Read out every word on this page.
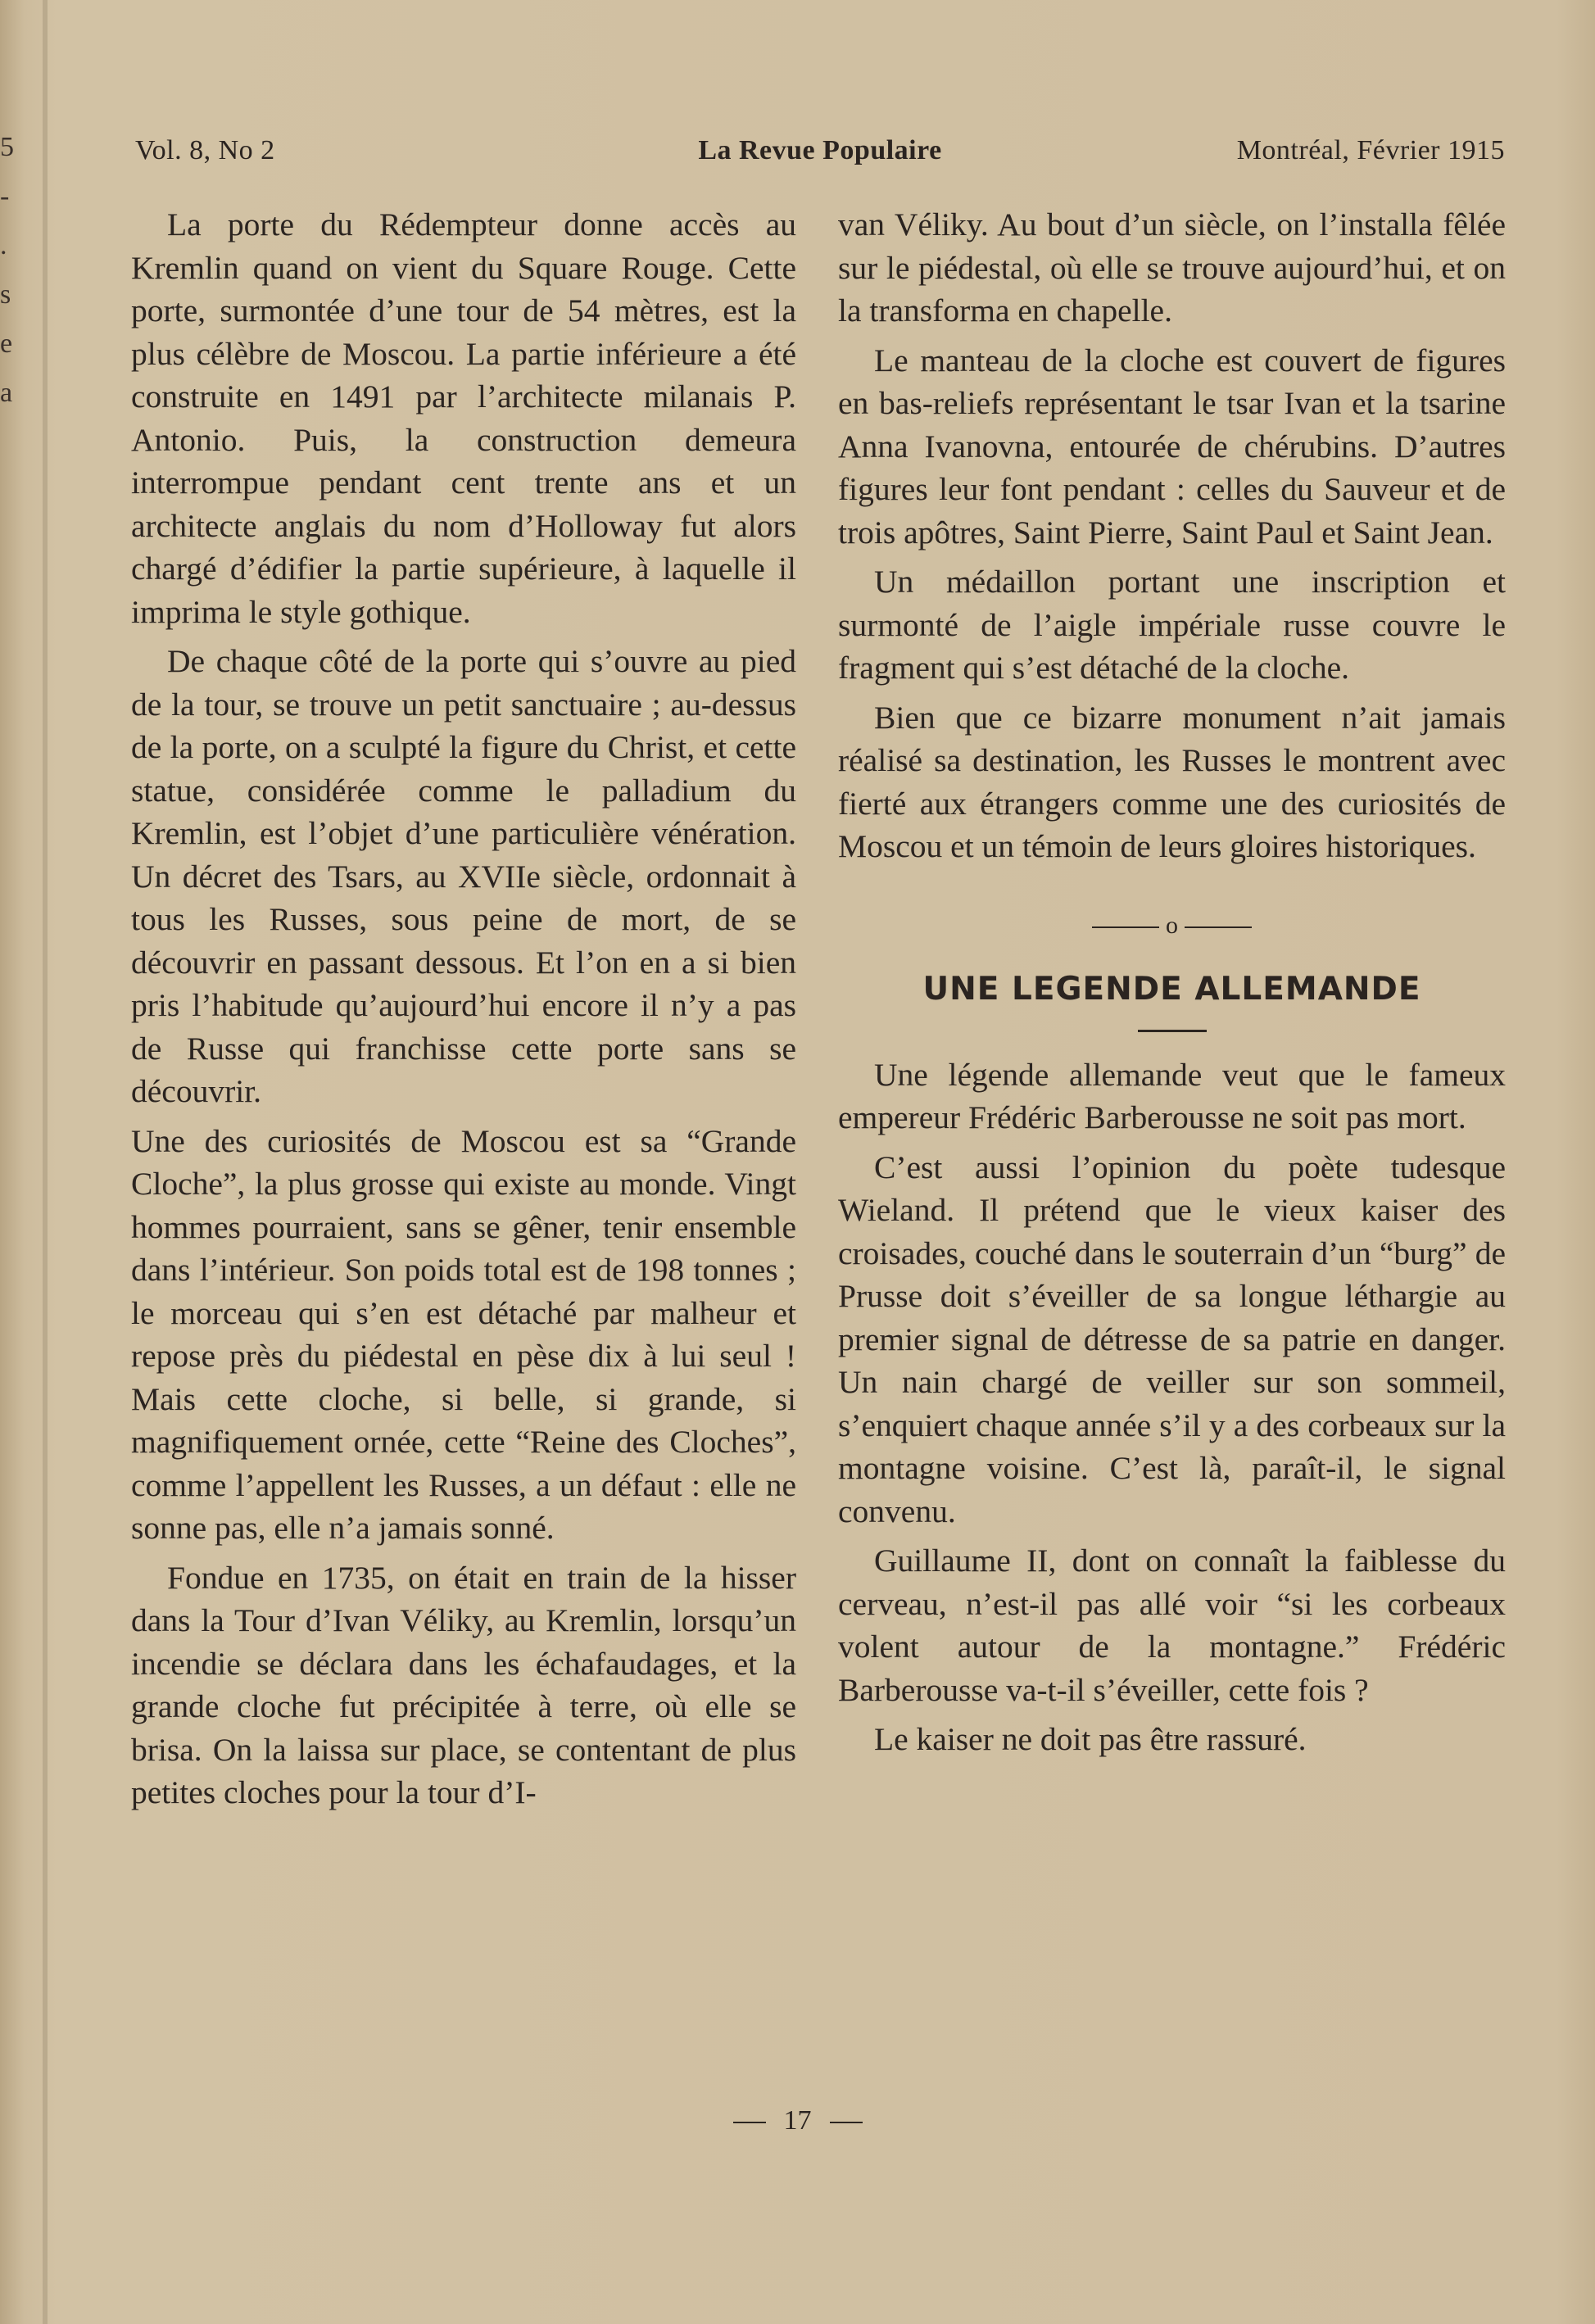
5
-
.
s
e
a
La Revue Populaire
Vol. 8, No 2	Montréal, Février 1915

La porte du Rédempteur donne accès au Kremlin quand on vient du Square Rouge. Cette porte, surmontée d’une tour de 54 mètres, est la plus célèbre de Moscou. La partie inférieure a été construite en 1491 par l’architecte milanais P. Antonio. Puis, la construction demeura interrompue pendant cent trente ans et un architecte anglais du nom d’Holloway fut alors chargé d’édifier la partie supérieure, à laquelle il imprima le style gothique.

De chaque côté de la porte qui s’ouvre au pied de la tour, se trouve un petit sanctuaire ; au-dessus de la porte, on a sculpté la figure du Christ, et cette statue, considérée comme le palladium du Kremlin, est l’objet d’une particulière vénération. Un décret des Tsars, au XVIIe siècle, ordonnait à tous les Russes, sous peine de mort, de se découvrir en passant dessous. Et l’on en a si bien pris l’habitude qu’aujourd’hui encore il n’y a pas de Russe qui franchisse cette porte sans se découvrir.

Une des curiosités de Moscou est sa “Grande Cloche”, la plus grosse qui existe au monde. Vingt hommes pourraient, sans se gêner, tenir ensemble dans l’intérieur. Son poids total est de 198 tonnes ; le morceau qui s’en est détaché par malheur et repose près du piédestal en pèse dix à lui seul ! Mais cette cloche, si belle, si grande, si magnifiquement ornée, cette “Reine des Cloches”, comme l’appellent les Russes, a un défaut : elle ne sonne pas, elle n’a jamais sonné.

Fondue en 1735, on était en train de la hisser dans la Tour d’Ivan Véliky, au Kremlin, lorsqu’un incendie se déclara dans les échafaudages, et la grande cloche fut précipitée à terre, où elle se brisa. On la laissa sur place, se contentant de plus petites cloches pour la tour d’I-

van Véliky. Au bout d’un siècle, on l’installa fêlée sur le piédestal, où elle se trouve aujourd’hui, et on la transforma en chapelle.

Le manteau de la cloche est couvert de figures en bas-reliefs représentant le tsar Ivan et la tsarine Anna Ivanovna, entourée de chérubins. D’autres figures leur font pendant : celles du Sauveur et de trois apôtres, Saint Pierre, Saint Paul et Saint Jean.

Un médaillon portant une inscription et surmonté de l’aigle impériale russe couvre le fragment qui s’est détaché de la cloche.

Bien que ce bizarre monument n’ait jamais réalisé sa destination, les Russes le montrent avec fierté aux étrangers comme une des curiosités de Moscou et un témoin de leurs gloires historiques.

o
UNE LEGENDE ALLEMANDE

Une légende allemande veut que le fameux empereur Frédéric Barberousse ne soit pas mort.

C’est aussi l’opinion du poète tudesque Wieland. Il prétend que le vieux kaiser des croisades, couché dans le souterrain d’un “burg” de Prusse doit s’éveiller de sa longue léthargie au premier signal de détresse de sa patrie en danger. Un nain chargé de veiller sur son sommeil, s’enquiert chaque année s’il y a des corbeaux sur la montagne voisine. C’est là, paraît-il, le signal convenu.

Guillaume II, dont on connaît la faiblesse du cerveau, n’est-il pas allé voir “si les corbeaux volent autour de la montagne.” Frédéric Barberousse va-t-il s’éveiller, cette fois ?

Le kaiser ne doit pas être rassuré.

17
